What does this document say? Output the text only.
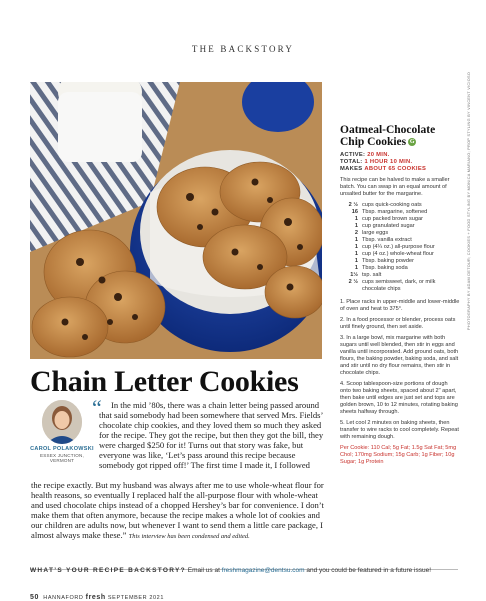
THE BACKSTORY
PHOTOGRAPHY BY ADAM DETOUR; COOKIES + FOOD STYLING BY MONICA MARIANO; PROP STYLING BY VINCENT VICIOSO
Oatmeal-Chocolate Chip Cookies G
ACTIVE: 20 MIN.
TOTAL: 1 HOUR 10 MIN.
MAKES ABOUT 65 COOKIES
This recipe can be halved to make a smaller batch. You can swap in an equal amount of unsalted butter for the margarine.
2 ½ cups quick-cooking oats
16 Tbsp. margarine, softened
1 cup packed brown sugar
1 cup granulated sugar
2 large eggs
1 Tbsp. vanilla extract
1 cup (4¼ oz.) all-purpose flour
1 cup (4 oz.) whole-wheat flour
1 Tbsp. baking powder
1 Tbsp. baking soda
1½ tsp. salt
2 ½ cups semisweet, dark, or milk chocolate chips

1. Place racks in upper-middle and lower-middle of oven and heat to 375°.

2. In a food processor or blender, process oats until finely ground, then set aside.

3. In a large bowl, mix margarine with both sugars until well blended, then stir in eggs and vanilla until incorporated. Add ground oats, both flours, the baking powder, baking soda, and salt and stir until no dry flour remains, then stir in chocolate chips.

4. Scoop tablespoon-size portions of dough onto two baking sheets, spaced about 2" apart, then bake until edges are just set and tops are golden brown, 10 to 12 minutes, rotating baking sheets halfway through.

5. Let cool 2 minutes on baking sheets, then transfer to wire racks to cool completely. Repeat with remaining dough.

Per Cookie: 110 Cal; 5g Fat; 1.5g Sat Fat; 5mg Chol; 170mg Sodium; 15g Carb; 1g Fiber; 10g Sugar; 1g Protein
Chain Letter Cookies
CAROL POLAKOWSKI
ESSEX JUNCTION, VERMONT
“	In the mid ’80s, there was a chain letter being passed around that said somebody had been somewhere that served Mrs. Fields’ chocolate chip cookies, and they loved them so much they asked for the recipe. They got the recipe, but then they got the bill, they were charged $250 for it! Turns out that story was fake, but everyone was like, ‘Let’s pass around this recipe because somebody got ripped off!’ The first time I made it, I followed
the recipe exactly. But my husband was always after me to use whole-wheat flour for health reasons, so eventually I replaced half the all-purpose flour with whole-wheat and used chocolate chips instead of a chopped Hershey’s bar for convenience. I don’t make them that often anymore, because the recipe makes a whole lot of cookies and our children are adults now, but whenever I want to send them a little care package, I almost always make these.” This interview has been condensed and edited.
WHAT’S YOUR RECIPE BACKSTORY? Email us at freshmagazine@dentsu.com and you could be featured in a future issue!
50 HANNAFORD fresh SEPTEMBER 2021
